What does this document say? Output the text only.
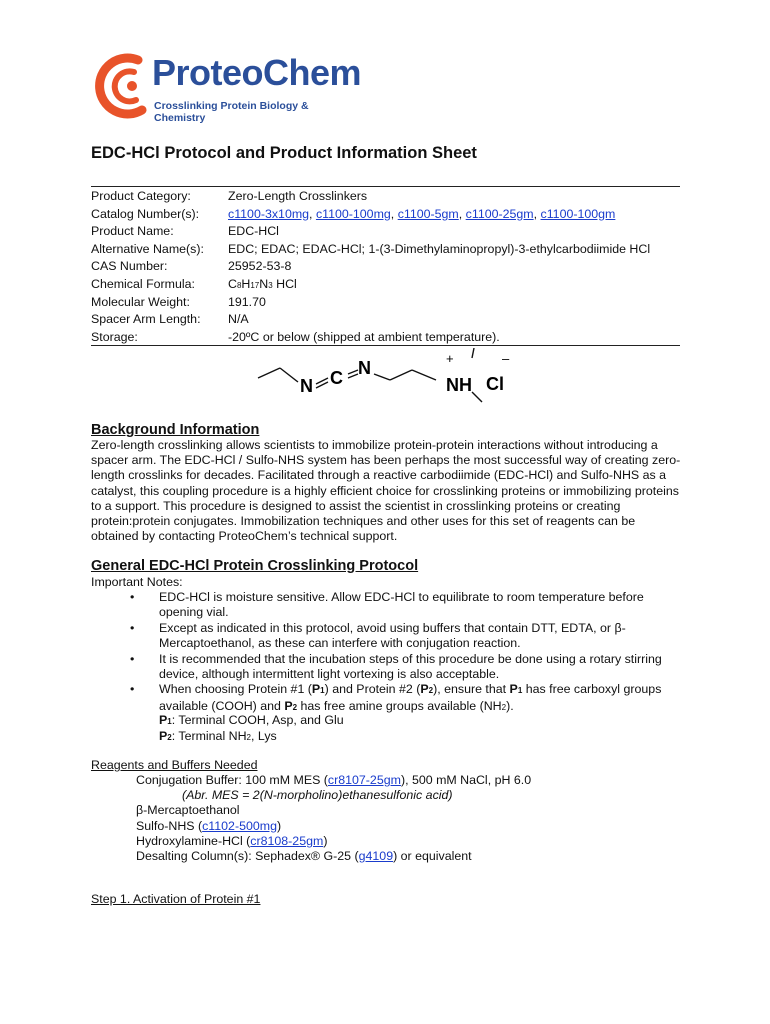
ProteoChem
Crosslinking Protein Biology & Chemistry
EDC-HCl Protocol and Product Information Sheet
Product Category:	Zero-Length Crosslinkers
Catalog Number(s):	c1100-3x10mg, c1100-100mg, c1100-5gm, c1100-25gm, c1100-100gm
Product Name:	EDC-HCl
Alternative Name(s):	EDC; EDAC; EDAC-HCl; 1-(3-Dimethylaminopropyl)-3-ethylcarbodiimide HCl
CAS Number:	25952-53-8
Chemical Formula:	C8H17N3 HCl
Molecular Weight:	191.70
Spacer Arm Length:	N/A
Storage:	-20ºC or below (shipped at ambient temperature).
N C N
NH Cl
+	–
Background Information
Zero-length crosslinking allows scientists to immobilize protein-protein interactions without introducing a spacer arm. The EDC-HCl / Sulfo-NHS system has been perhaps the most successful way of creating zero-length crosslinks for decades. Facilitated through a reactive carbodiimide (EDC-HCl) and Sulfo-NHS as a catalyst, this coupling procedure is a highly efficient choice for crosslinking proteins or immobilizing proteins to a support. This procedure is designed to assist the scientist in crosslinking proteins or creating protein:protein conjugates. Immobilization techniques and other uses for this set of reagents can be obtained by contacting ProteoChem’s technical support.
General EDC-HCl Protein Crosslinking Protocol
Important Notes:
• EDC-HCl is moisture sensitive. Allow EDC-HCl to equilibrate to room temperature before opening vial.
• Except as indicated in this protocol, avoid using buffers that contain DTT, EDTA, or β-Mercaptoethanol, as these can interfere with conjugation reaction.
• It is recommended that the incubation steps of this procedure be done using a rotary stirring device, although intermittent light vortexing is also acceptable.
• When choosing Protein #1 (P1) and Protein #2 (P2), ensure that P1 has free carboxyl groups available (COOH) and P2 has free amine groups available (NH2).
P1: Terminal COOH, Asp, and Glu
P2: Terminal NH2, Lys
Reagents and Buffers Needed
Conjugation Buffer: 100 mM MES (cr8107-25gm), 500 mM NaCl, pH 6.0
(Abr. MES = 2(N-morpholino)ethanesulfonic acid)
β-Mercaptoethanol
Sulfo-NHS (c1102-500mg)
Hydroxylamine-HCl (cr8108-25gm)
Desalting Column(s): Sephadex® G-25 (g4109) or equivalent
Step 1. Activation of Protein #1
